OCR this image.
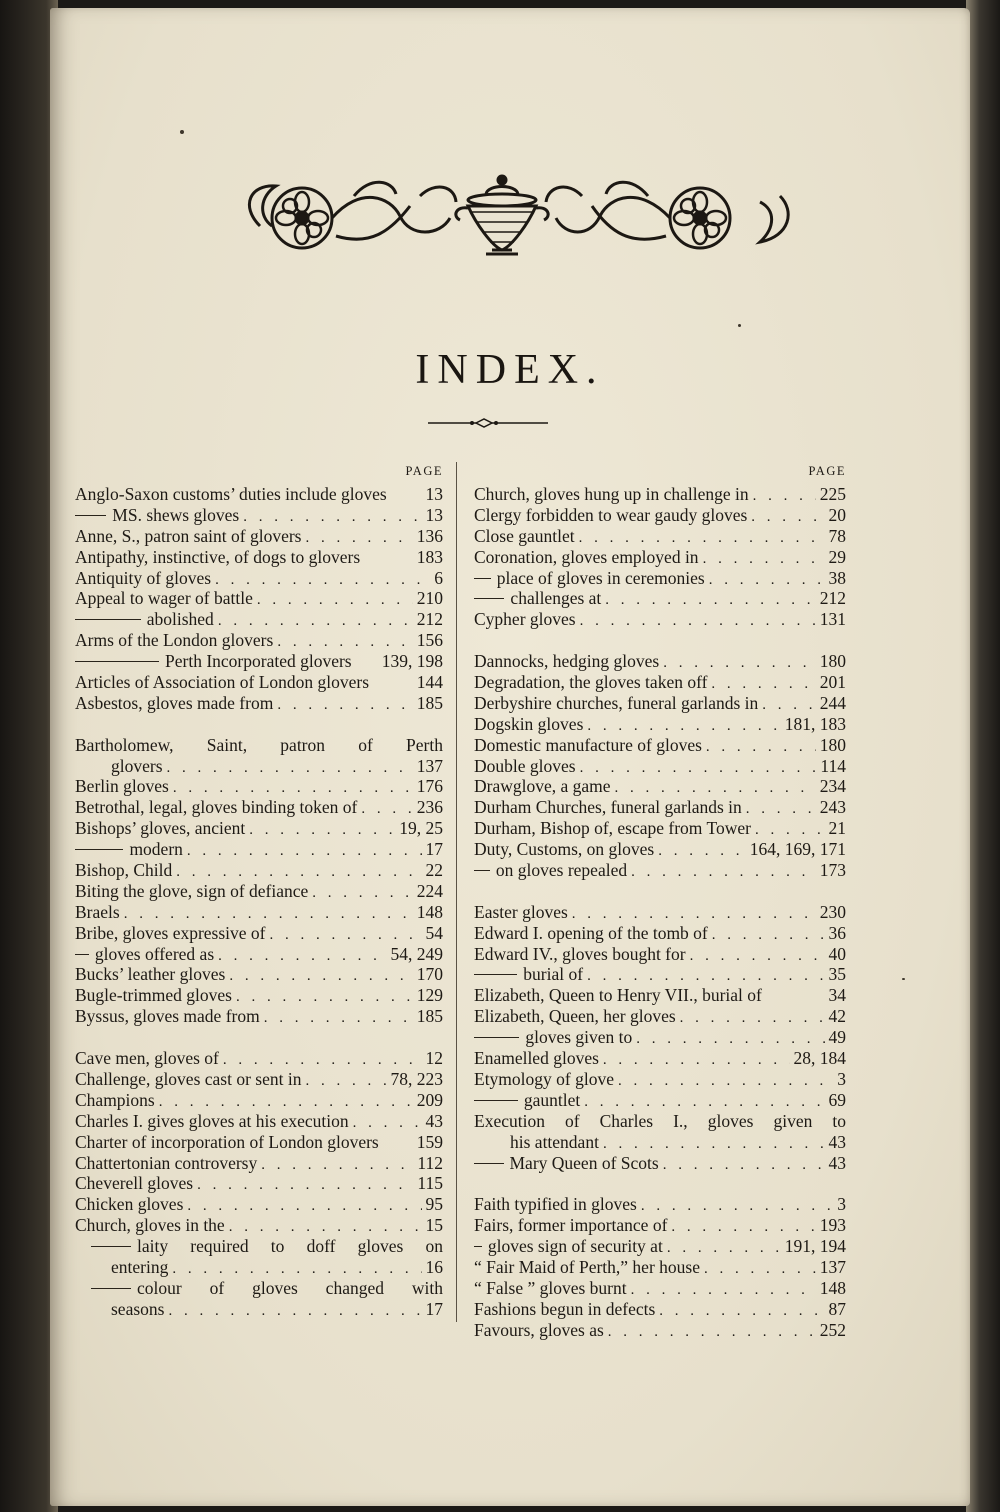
INDEX.
PAGE
Anglo-Saxon customs’ duties include gloves 13
MS. shews gloves . . .	13
Anne, S., patron saint of glovers . . .	136
Antipathy, instinctive, of dogs to glovers	183
Antiquity of gloves . . .	6
Appeal to wager of battle . . .	210
abolished . . .	212
Arms of the London glovers . . .	156
Perth Incorporated glovers 139, 198
Articles of Association of London glovers	144
Asbestos, gloves made from . . .	185
Bartholomew, Saint, patron of Perth
glovers . . .	137
Berlin gloves . . .	176
Betrothal, legal, gloves binding token of . . .	236
Bishops’ gloves, ancient . . .	19, 25
modern . . .	17
Bishop, Child . . .	22
Biting the glove, sign of defiance . . .	224
Braels . . .	148
Bribe, gloves expressive of . . .	54
gloves offered as . . .	54, 249
Bucks’ leather gloves . . .	170
Bugle-trimmed gloves . . .	129
Byssus, gloves made from . . .	185
Cave men, gloves of . . .	12
Challenge, gloves cast or sent in . . .	78, 223
Champions . . .	209
Charles I. gives gloves at his execution . . .	43
Charter of incorporation of London glovers 159
Chattertonian controversy . . .	112
Cheverell gloves . . .	115
Chicken gloves . . .	95
Church, gloves in the . . .	15
laity required to doff gloves on
entering . . .	16
colour of gloves changed with
seasons . . .	17
PAGE
Church, gloves hung up in challenge in . . .	225
Clergy forbidden to wear gaudy gloves . . .	20
Close gauntlet . . .	78
Coronation, gloves employed in . . .	29
place of gloves in ceremonies . . .	38
challenges at . . .	212
Cypher gloves . . .	131
Dannocks, hedging gloves . . .	180
Degradation, the gloves taken off . . .	201
Derbyshire churches, funeral garlands in . . .	244
Dogskin gloves . . .	181, 183
Domestic manufacture of gloves . . .	180
Double gloves . . .	114
Drawglove, a game . . .	234
Durham Churches, funeral garlands in . . .	243
Durham, Bishop of, escape from Tower . . .	21
Duty, Customs, on gloves . . .	164, 169, 171
on gloves repealed . . .	173
Easter gloves . . .	230
Edward I. opening of the tomb of . . .	36
Edward IV., gloves bought for . . .	40
burial of . . .	35
Elizabeth, Queen to Henry VII., burial of	34
Elizabeth, Queen, her gloves . . .	42
gloves given to . . .	49
Enamelled gloves . . .	28, 184
Etymology of glove . . .	3
gauntlet . . .	69
Execution of Charles I., gloves given to
his attendant . . .	43
Mary Queen of Scots . . .	43
Faith typified in gloves . . .	3
Fairs, former importance of . . .	193
gloves sign of security at . . .	191, 194
“ Fair Maid of Perth,” her house . . .	137
“ False ” gloves burnt . . .	148
Fashions begun in defects . . .	87
Favours, gloves as . . .	252
